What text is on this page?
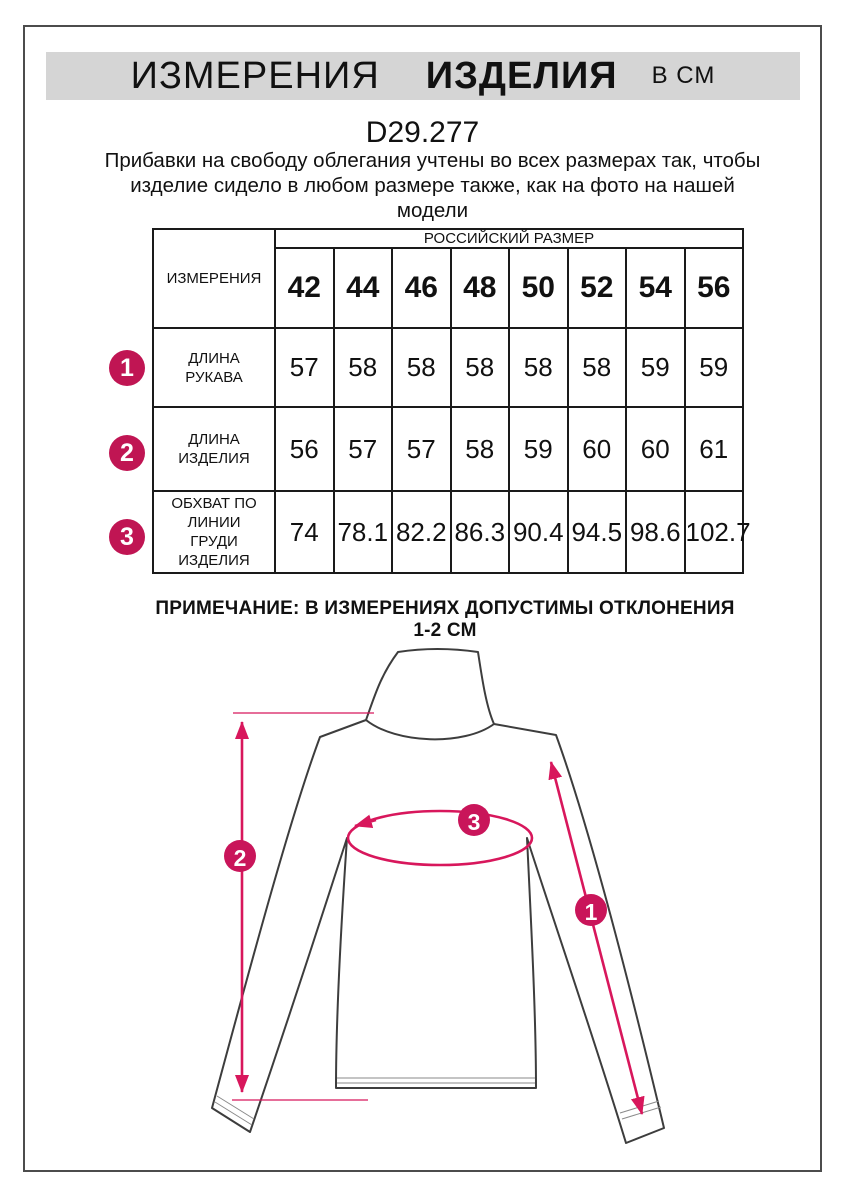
ИЗМЕРЕНИЯ ИЗДЕЛИЯ В СМ
D29.277
Прибавки на свободу облегания учтены во всех размерах так, чтобы
изделие сидело в любом размере также, как на фото на нашей
модели
ИЗМЕРЕНИЯ	РОССИЙСКИЙ РАЗМЕР							
	42	44	46	48	50	52	54	56
ДЛИНА РУКАВА	57	58	58	58	58	58	59	59
ДЛИНА ИЗДЕЛИЯ	56	57	57	58	59	60	60	61
ОБХВАТ ПО ЛИНИИ ГРУДИ ИЗДЕЛИЯ	74	78.1	82.2	86.3	90.4	94.5	98.6	102.7
1
2
3
ПРИМЕЧАНИЕ: В ИЗМЕРЕНИЯХ ДОПУСТИМЫ ОТКЛОНЕНИЯ 1-2 СМ
2
3
1
